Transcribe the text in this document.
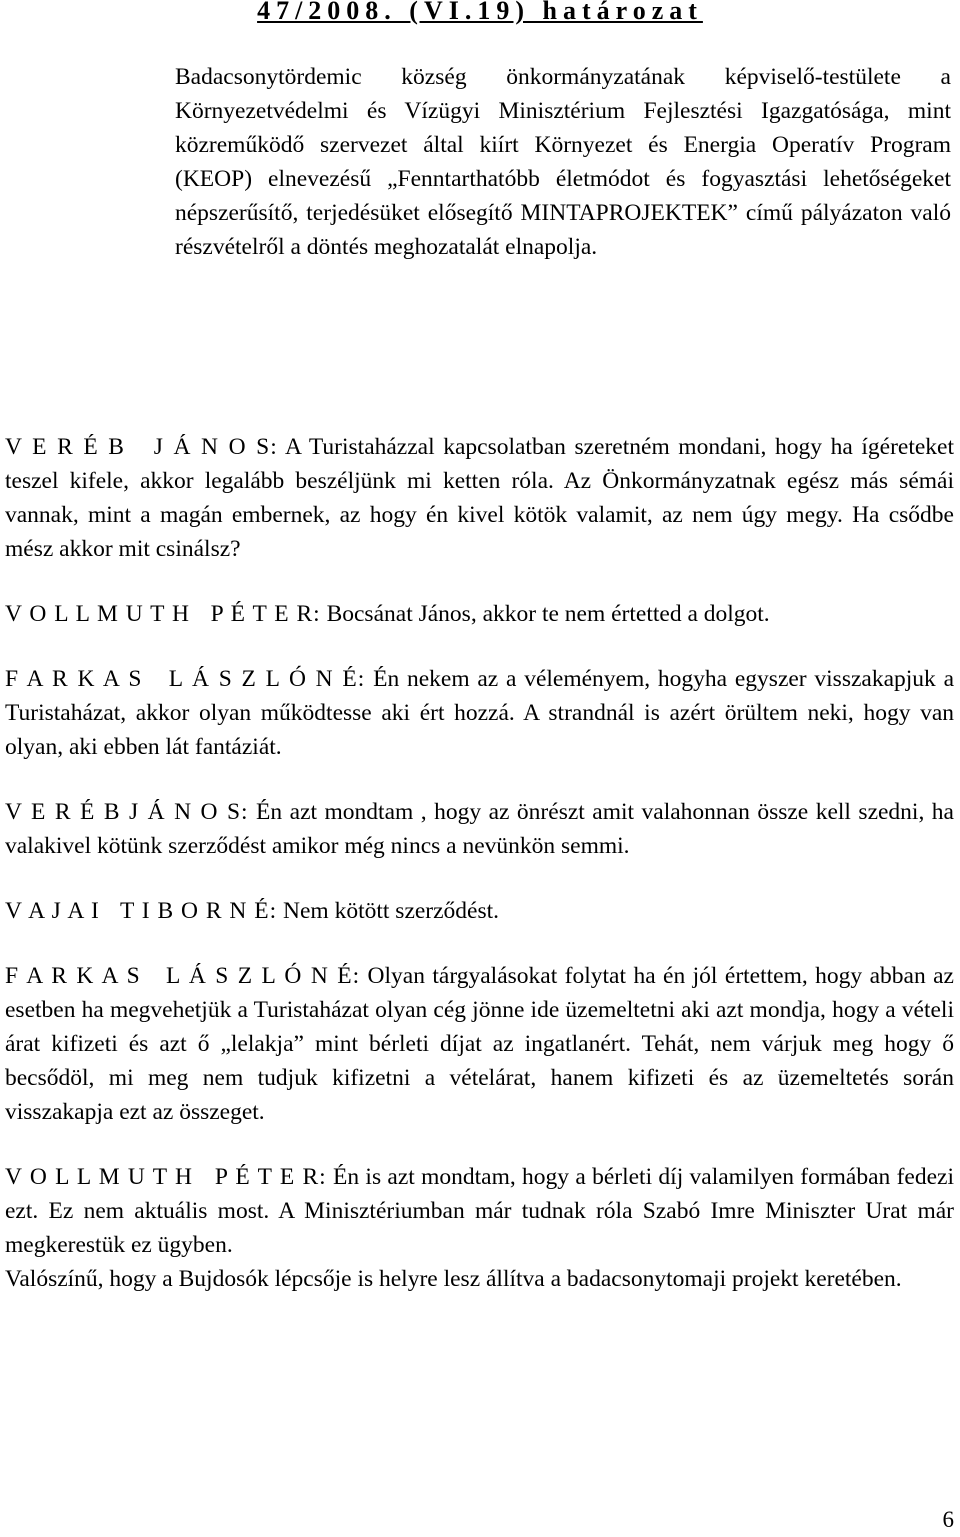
47/2008. (VI.19) határozat

Badacsonytördemic község önkormányzatának képviselő-testülete a Környezetvédelmi és Vízügyi Minisztérium Fejlesztési Igazgatósága, mint közreműködő szervezet által kiírt Környezet és Energia Operatív Program (KEOP) elnevezésű „Fenntarthatóbb életmódot és fogyasztási lehetőségeket népszerűsítő, terjedésüket elősegítő MINTAPROJEKTEK” című pályázaton való részvételről a döntés meghozatalát elnapolja.

V E R É B   J Á N O S: A Turistaházzal kapcsolatban szeretném mondani, hogy ha ígéreteket teszel kifele, akkor legalább beszéljünk mi ketten róla. Az Önkormányzatnak egész más sémái vannak, mint a magán embernek, az hogy én kivel kötök valamit, az nem úgy megy. Ha csődbe mész akkor mit csinálsz?

V O L L M U T H   P É T E R: Bocsánat János, akkor te nem értetted a dolgot.

F A R K A S   L Á S Z L Ó N É: Én nekem az a véleményem, hogyha egyszer visszakapjuk a Turistaházat, akkor olyan működtesse aki ért hozzá. A strandnál is azért örültem neki, hogy van olyan, aki ebben lát fantáziát.

V E R É B J Á N O S: Én azt mondtam , hogy az önrészt amit valahonnan össze kell szedni, ha valakivel kötünk szerződést amikor még nincs a nevünkön semmi.

V A J A I   T I B O R N É: Nem kötött szerződést.

F A R K A S   L Á S Z L Ó N É: Olyan tárgyalásokat folytat ha én jól értettem, hogy abban az esetben ha megvehetjük a Turistaházat olyan cég jönne ide üzemeltetni aki azt mondja, hogy a vételi árat kifizeti és azt ő „lelakja” mint bérleti díjat az ingatlanért. Tehát, nem várjuk meg hogy ő becsődöl, mi meg nem tudjuk kifizetni a vételárat, hanem kifizeti és az üzemeltetés során visszakapja ezt az összeget.

V O L L M U T H   P É T E R: Én is azt mondtam, hogy a bérleti díj valamilyen formában fedezi ezt. Ez nem aktuális most. A Minisztériumban már tudnak róla Szabó Imre Miniszter Urat már megkerestük ez ügyben.

Valószínű, hogy a Bujdosók lépcsője is helyre lesz állítva a badacsonytomaji projekt keretében.

6
